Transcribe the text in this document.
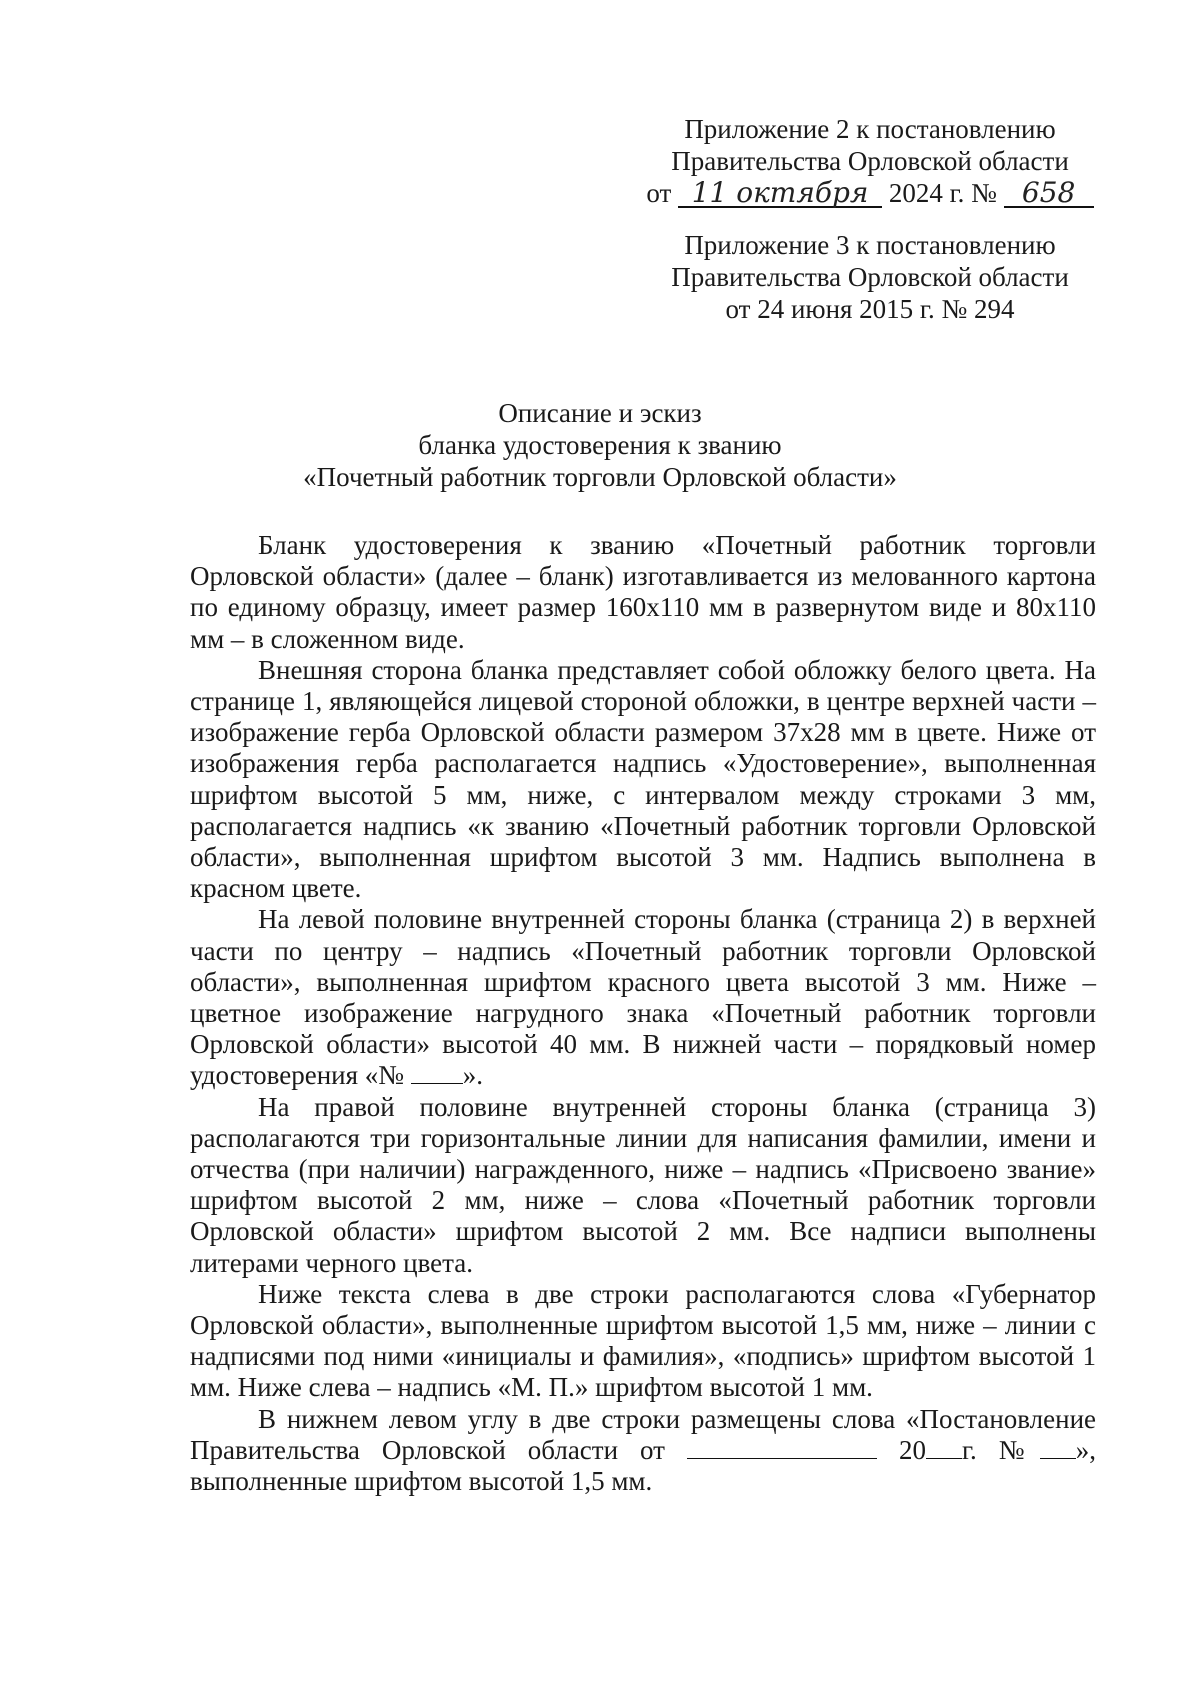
Приложение 2 к постановлению
Правительства Орловской области
от 11 октября 2024 г. № 658
Приложение 3 к постановлению
Правительства Орловской области
от 24 июня 2015 г. № 294
Описание и эскиз
бланка удостоверения к званию
«Почетный работник торговли Орловской области»

Бланк удостоверения к званию «Почетный работник торговли Орловской области» (далее – бланк) изготавливается из мелованного картона по единому образцу, имеет размер 160х110 мм в развернутом виде и 80х110 мм – в сложенном виде.

Внешняя сторона бланка представляет собой обложку белого цвета. На странице 1, являющейся лицевой стороной обложки, в центре верхней части – изображение герба Орловской области размером 37х28 мм в цвете. Ниже от изображения герба располагается надпись «Удостоверение», выполненная шрифтом высотой 5 мм, ниже, с интервалом между строками 3 мм, располагается надпись «к званию «Почетный работник торговли Орловской области», выполненная шрифтом высотой 3 мм. Надпись выполнена в красном цвете.

На левой половине внутренней стороны бланка (страница 2) в верхней части по центру – надпись «Почетный работник торговли Орловской области», выполненная шрифтом красного цвета высотой 3 мм. Ниже – цветное изображение нагрудного знака «Почетный работник торговли Орловской области» высотой 40 мм. В нижней части – порядковый номер удостоверения «№ ».

На правой половине внутренней стороны бланка (страница 3) располагаются три горизонтальные линии для написания фамилии, имени и отчества (при наличии) награжденного, ниже – надпись «Присвоено звание» шрифтом высотой 2 мм, ниже – слова «Почетный работник торговли Орловской области» шрифтом высотой 2 мм. Все надписи выполнены литерами черного цвета.

Ниже текста слева в две строки располагаются слова «Губернатор Орловской области», выполненные шрифтом высотой 1,5 мм, ниже – линии с надписями под ними «инициалы и фамилия», «подпись» шрифтом высотой 1 мм. Ниже слева – надпись «М. П.» шрифтом высотой 1 мм.

В нижнем левом углу в две строки размещены слова «Постановление Правительства Орловской области от	20 г. № », выполненные шрифтом высотой 1,5 мм.
